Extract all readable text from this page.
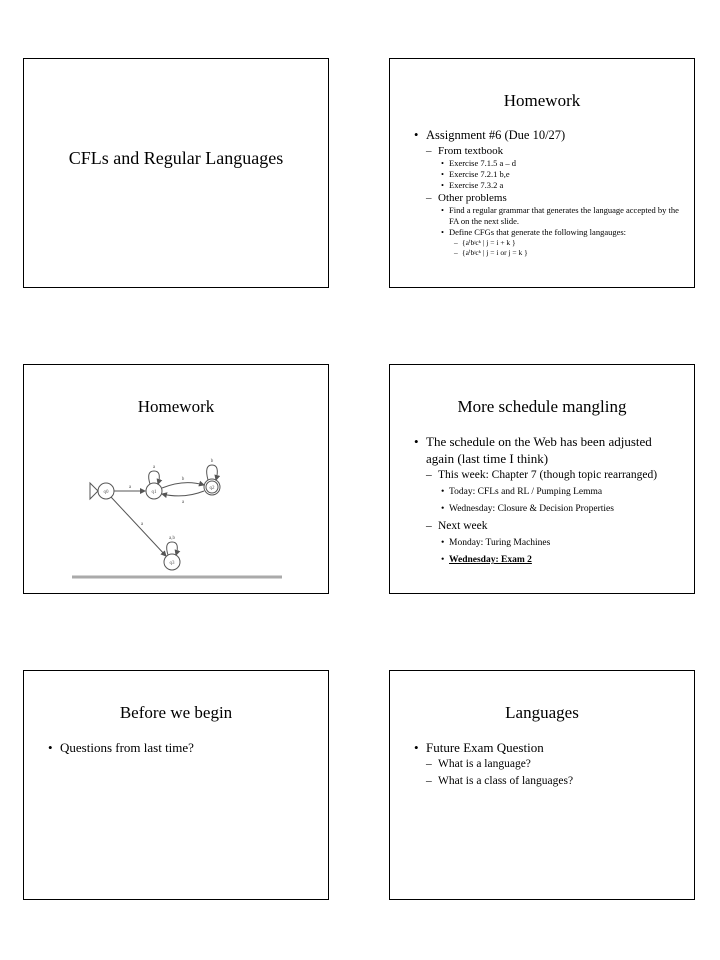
CFLs and Regular Languages
Homework
• Assignment #6 (Due 10/27)
– From textbook
• Exercise 7.1.5 a – d
• Exercise 7.2.1 b,e
• Exercise 7.3.2 a
– Other problems
• Find a regular grammar that generates the language accepted by the FA on the next slide.
• Define CFGs that generate the following langauges:
– {aⁱbʲcᵏ | j = i + k }
– {aⁱbʲcᵏ | j = i or j = k }
Homework
q0	q1
q2
q3
a
b
a
a
b
a
a,b
More schedule mangling
• The schedule on the Web has been adjusted again (last time I think)
– This week: Chapter 7 (though topic rearranged)
• Today: CFLs and RL / Pumping Lemma
• Wednesday: Closure & Decision Properties
– Next week
• Monday: Turing Machines
• Wednesday: Exam 2
Before we begin
• Questions from last time?
Languages
• Future Exam Question
– What is a language?
– What is a class of languages?
